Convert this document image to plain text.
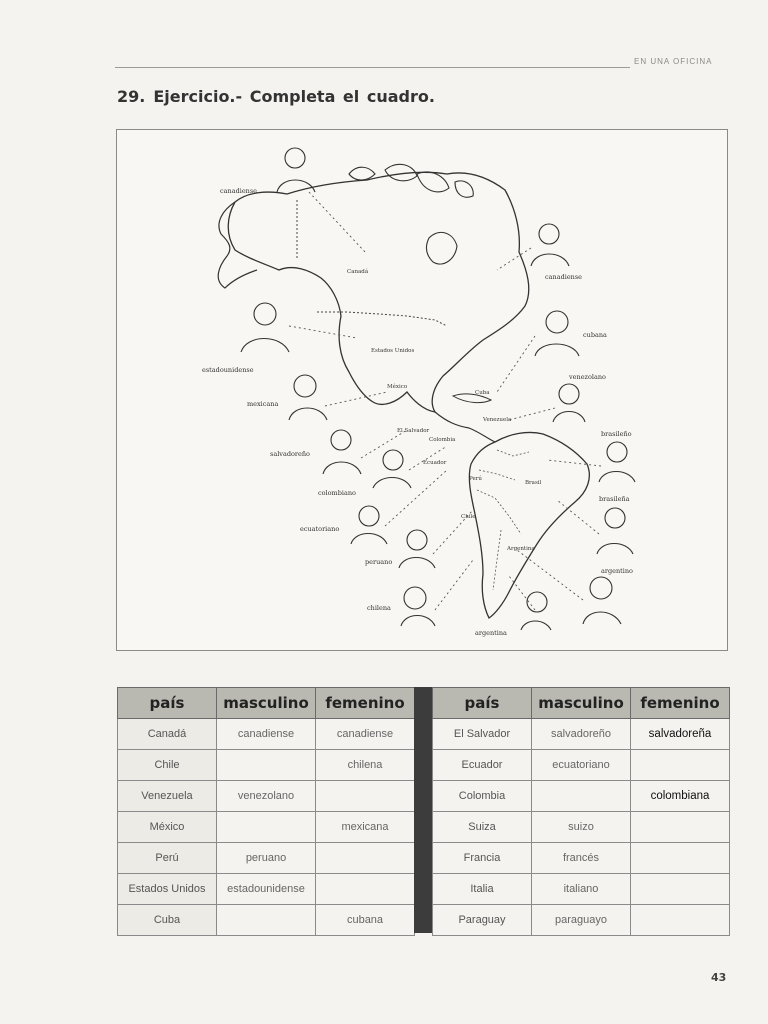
EN UNA OFICINA
29. Ejercicio.- Completa el cuadro.
Canadá
Estados Unidos
México
Cuba
Venezuela
El Salvador
Colombia
Ecuador
Brasil
Perú
Chile
Argentina
canadiense
canadiense
estadounidense
cubana
venezolano
mexicana
brasileño
salvadoreño
colombiano
brasileña
ecuatoriano
argentino
peruano
chilena
argentina
país	masculino	femenino
Canadá	canadiense	canadiense
Chile		chilena
Venezuela	venezolano	
México		mexicana
Perú	peruano	
Estados Unidos	estadounidense	
Cuba		cubana
país	masculino	femenino
El Salvador	salvadoreño	salvadoreña
Ecuador	ecuatoriano	
Colombia		colombiana
Suiza	suizo	
Francia	francés	
Italia	italiano	
Paraguay	paraguayo	
43
